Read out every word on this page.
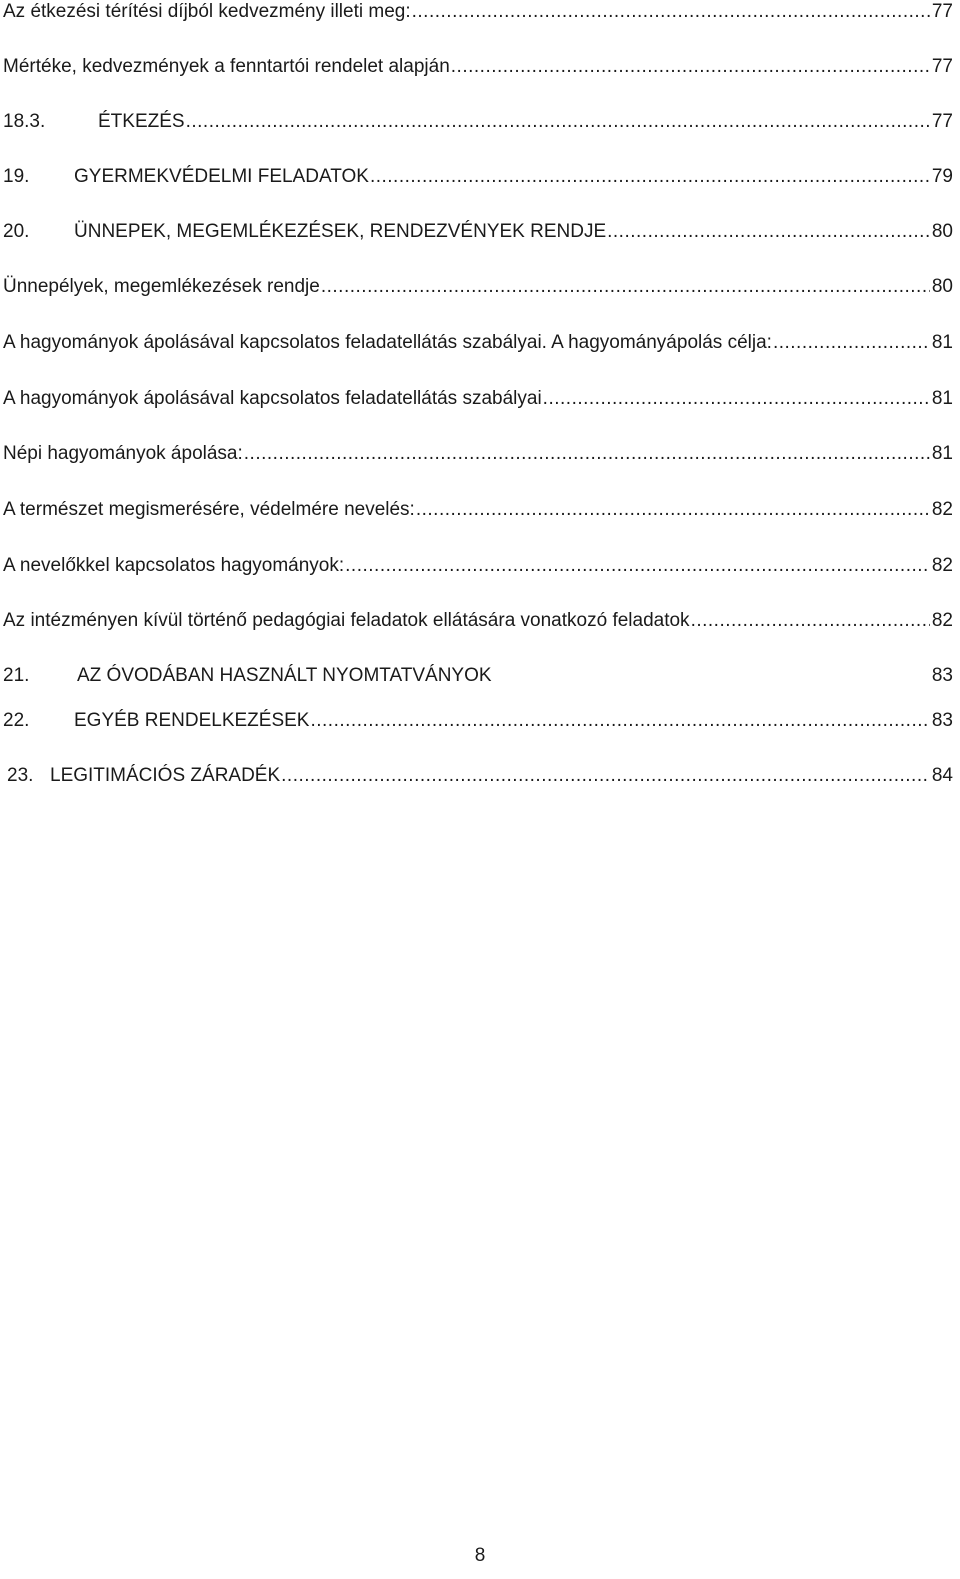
Az étkezési térítési díjból kedvezmény illeti meg: .....	77
Mértéke, kedvezmények a fenntartói rendelet alapján .....	77
18.3.	ÉTKEZÉS .....	77
19.	GYERMEKVÉDELMI FELADATOK .....	79
20.	ÜNNEPEK, MEGEMLÉKEZÉSEK, RENDEZVÉNYEK RENDJE .....	80
Ünnepélyek, megemlékezések rendje .....	80
A hagyományok ápolásával kapcsolatos feladatellátás szabályai. A hagyományápolás célja: .....	81
A hagyományok ápolásával kapcsolatos feladatellátás szabályai .....	81
Népi hagyományok ápolása: .....	81
A természet megismerésére, védelmére nevelés: .....	82
A nevelőkkel kapcsolatos hagyományok: .....	82
Az intézményen kívül történő pedagógiai feladatok ellátására vonatkozó feladatok .....	82
21.	AZ ÓVODÁBAN HASZNÁLT NYOMTATVÁNYOK	83
22.	EGYÉB RENDELKEZÉSEK .....	83
23. LEGITIMÁCIÓS ZÁRADÉK .....	84
8
